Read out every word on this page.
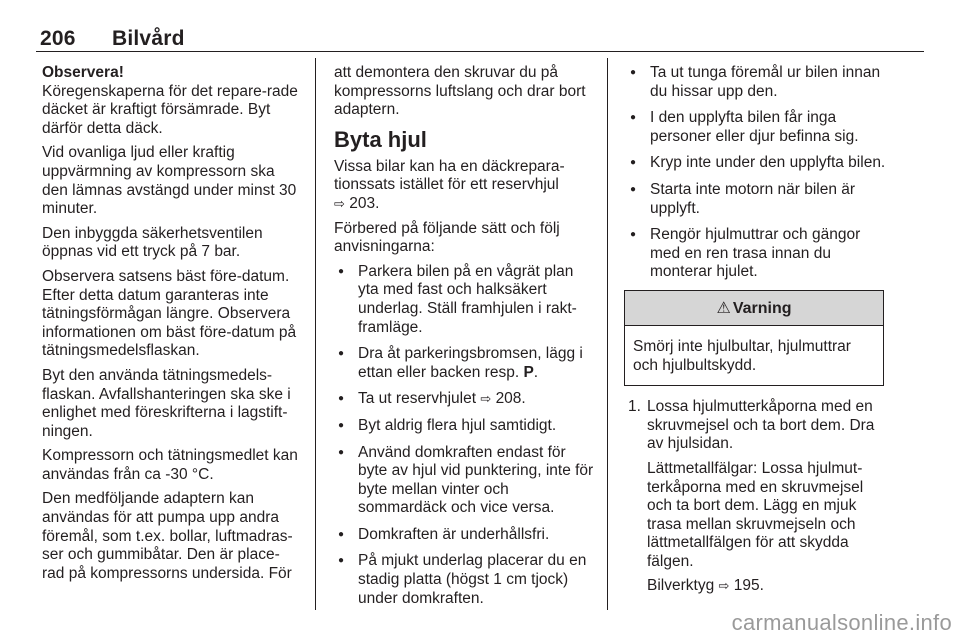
206 Bilvård

Observera!
Köregenskaperna för det repare-rade däcket är kraftigt försämrade. Byt därför detta däck.

Vid ovanliga ljud eller kraftig uppvärmning av kompressorn ska den lämnas avstängd under minst 30 minuter.

Den inbyggda säkerhetsventilen öppnas vid ett tryck på 7 bar.

Observera satsens bäst före-datum. Efter detta datum garanteras inte tätningsförmågan längre. Observera informationen om bäst före-datum på tätningsmedelsflaskan.

Byt den använda tätningsmedels-flaskan. Avfallshanteringen ska ske i enlighet med föreskrifterna i lagstift-ningen.

Kompressorn och tätningsmedlet kan användas från ca -30 °C.

Den medföljande adaptern kan användas för att pumpa upp andra föremål, som t.ex. bollar, luftmadras-ser och gummibåtar. Den är place-rad på kompressorns undersida. För

att demontera den skruvar du på kompressorns luftslang och drar bort adaptern.

Byta hjul

Vissa bilar kan ha en däckrepara-tionssats istället för ett reservhjul
⇨ 203.

Förbered på följande sätt och följ anvisningarna:

● Parkera bilen på en vågrät plan yta med fast och halksäkert underlag. Ställ framhjulen i rakt-framläge.
● Dra åt parkeringsbromsen, lägg i ettan eller backen resp. P.
● Ta ut reservhjulet ⇨ 208.
● Byt aldrig flera hjul samtidigt.
● Använd domkraften endast för byte av hjul vid punktering, inte för byte mellan vinter och sommardäck och vice versa.
● Domkraften är underhållsfri.
● På mjukt underlag placerar du en stadig platta (högst 1 cm tjock) under domkraften.
● Ta ut tunga föremål ur bilen innan du hissar upp den.
● I den upplyfta bilen får inga personer eller djur befinna sig.
● Kryp inte under den upplyfta bilen.
● Starta inte motorn när bilen är upplyft.
● Rengör hjulmuttrar och gängor med en ren trasa innan du monterar hjulet.
⚠ Varning
Smörj inte hjulbultar, hjulmuttrar och hjulbultskydd.
1. Lossa hjulmutterkåporna med en skruvmejsel och ta bort dem. Dra av hjulsidan.

Lättmetallfälgar: Lossa hjulmut-terkåporna med en skruvmejsel och ta bort dem. Lägg en mjuk trasa mellan skruvmejseln och lättmetallfälgen för att skydda fälgen.

Bilverktyg ⇨ 195.

carmanualsonline.info
